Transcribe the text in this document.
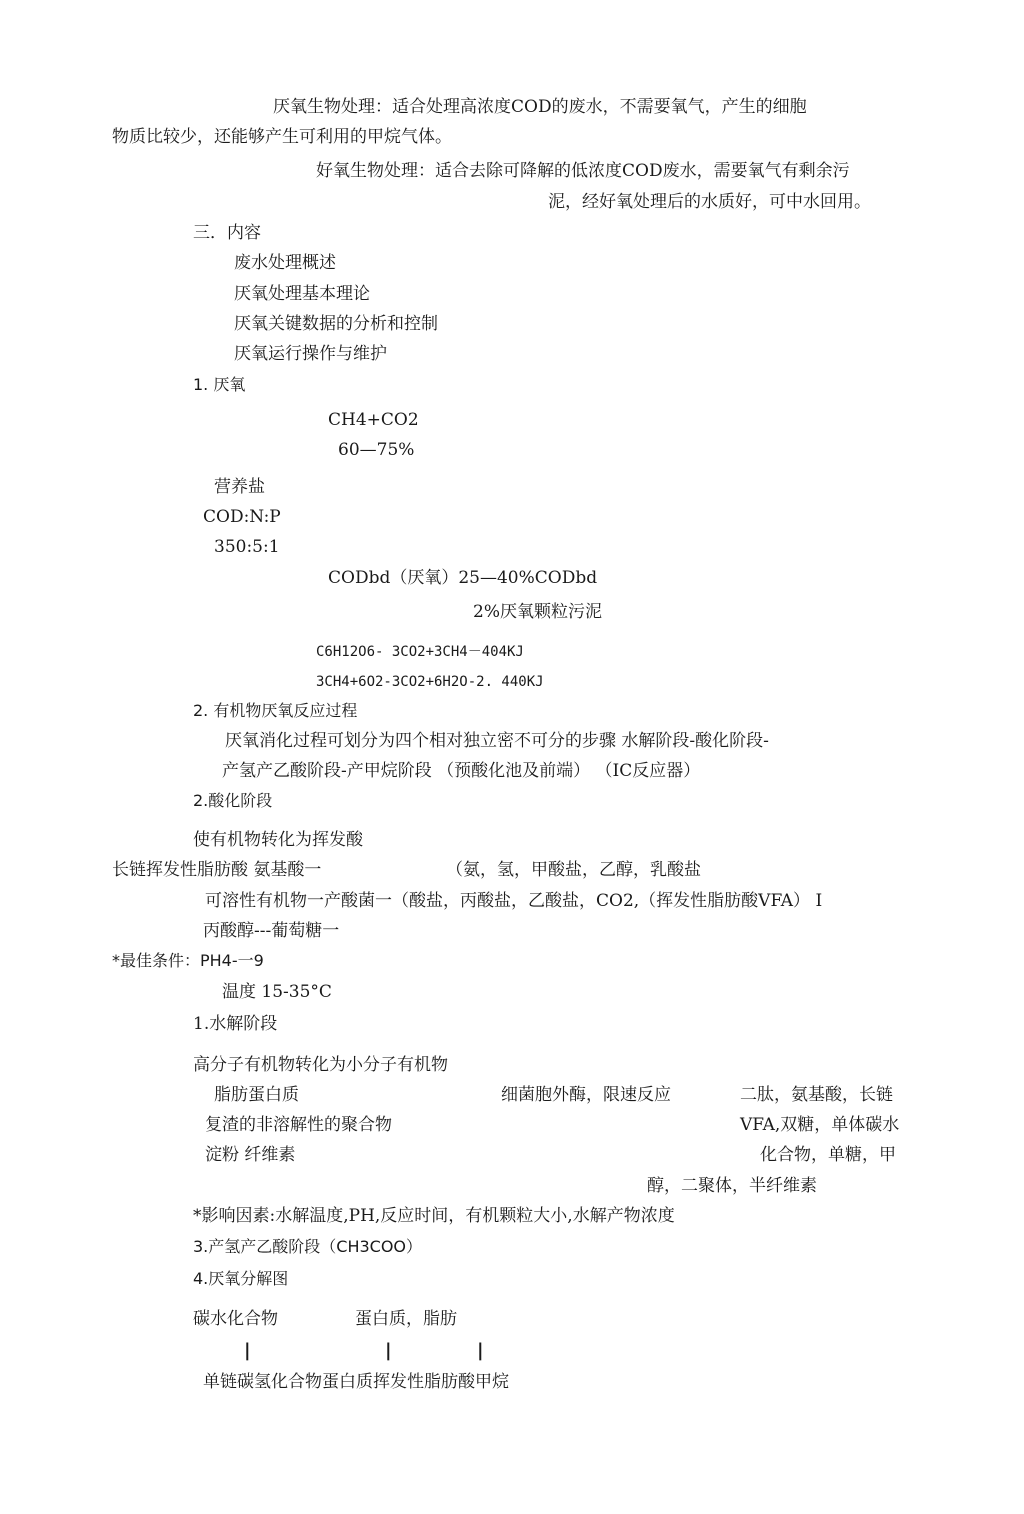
厌氧生物处理：适合处理高浓度COD的废水，不需要氧气，产生的细胞
物质比较少，还能够产生可利用的甲烷气体。
好氧生物处理：适合去除可降解的低浓度COD废水，需要氧气有剩余污
泥，经好氧处理后的水质好，可中水回用。
三．内容
废水处理概述
厌氧处理基本理论
厌氧关键数据的分析和控制
厌氧运行操作与维护
1. 厌氧
CH4+CO2
60—75%
营养盐
COD:N:P
350:5:1
CODbd（厌氧）25—40%CODbd
2%厌氧颗粒污泥
C6H12O6- 3CO2+3CH4－404KJ
3CH4+6O2-3CO2+6H2O-2. 440KJ
2. 有机物厌氧反应过程
厌氧消化过程可划分为四个相对独立密不可分的步骤 水解阶段-酸化阶段-
产氢产乙酸阶段-产甲烷阶段 （预酸化池及前端） （IC反应器）
2.酸化阶段
使有机物转化为挥发酸
长链挥发性脂肪酸 氨基酸一	（氨，氢，甲酸盐，乙醇，乳酸盐
可溶性有机物一产酸菌一（酸盐，丙酸盐，乙酸盐，CO2,（挥发性脂肪酸VFA） I
丙酸醇---葡萄糖一
*最佳条件：PH4-一9
温度 15-35°C
1.水解阶段
高分子有机物转化为小分子有机物
脂肪蛋白质
复渣的非溶解性的聚合物
淀粉 纤维素
细菌胞外酶，限速反应	二肽，氨基酸，长链
VFA,双糖，单体碳水
化合物，单糖，甲
醇，二聚体，半纤维素
*影响因素:水解温度,PH,反应时间，有机颗粒大小,水解产物浓度
3.产氢产乙酸阶段（CH3COO）
4.厌氧分解图
碳水化合物	蛋白质，脂肪
|	|	|
单链碳氢化合物蛋白质挥发性脂肪酸甲烷
